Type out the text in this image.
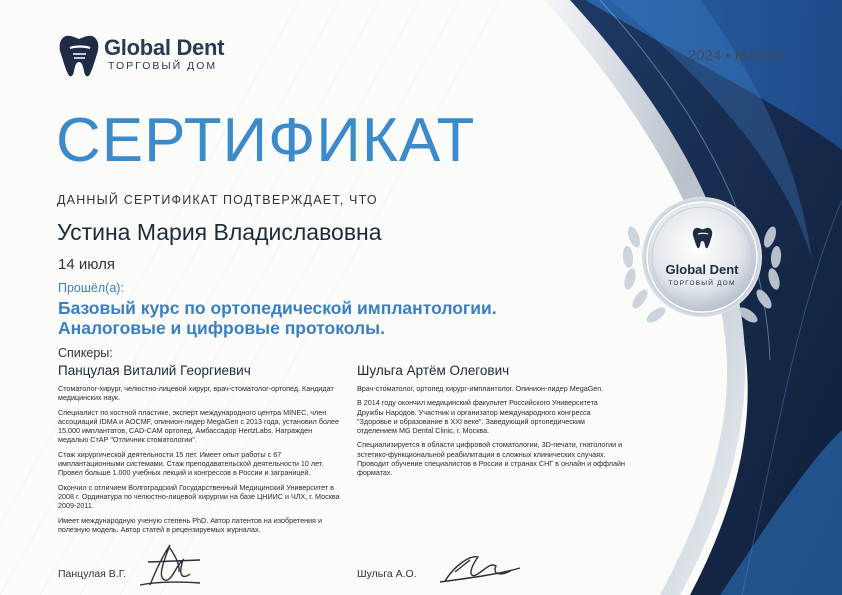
Global Dent
ТОРГОВЫЙ ДОМ
Global Dent
ТОРГОВЫЙ ДОМ
2024 • Москва
СЕРТИФИКАТ
ДАННЫЙ СЕРТИФИКАТ ПОДТВЕРЖДАЕТ, ЧТО
Устина Мария Владиславовна
14 июля
Прошёл(а):
Базовый курс по ортопедической имплантологии.
Аналоговые и цифровые протоколы.
Спикеры:
Панцулая Виталий Георгиевич	Шульга Артём Олегович

Стоматолог-хирург, челюстно-лицевой хирург, врач-стоматолог-ортопед. Кандидат медицинских наук.

Специалист по костной пластике, эксперт международного центра MINEC, член ассоциаций IDMA и AOCMF, опинион-лидер MegaGen с 2013 года, установил более 15.000 имплантатов, CAD-CAM ортопед. Амбассадор HertzLabs. Награжден медалью СтАР "Отличник стоматологии".

Стаж хирургической деятельности 15 лет. Имеет опыт работы с 67 имплантационными системами. Стаж преподавательской деятельности 10 лет. Провел больше 1.000 учебных лекций и конгрессов в России и заграницей.

Окончил с отличием Волгоградский Государственный Медицинский Университет в 2008 г. Ординатура по челюстно-лицевой хирургии на базе ЦНИИС и ЧЛХ, г. Москва 2009-2011.

Имеет международную ученую степень PhD. Автор патентов на изобретения и полезную модель. Автор статей в рецензируемых журналах.

Врач-стоматолог, ортопед хирург-имплантолог. Опинион-лидер MegaGen.

В 2014 году окончил медицинский факультет Российского Университета Дружбы Народов. Участник и организатор международного конгресса "Здоровье и образование в XXI веке". Заведующий ортопедическим отделением MG Dental Clinic, г. Москва.

Специализируется в области цифровой стоматологии, 3D-печати, гнатологии и эстетико-функциональной реабилитации в сложных клинических случаях. Проводит обучение специалистов в России и странах СНГ в онлайн и оффлайн форматах.

Панцулая В.Г.	Шульга А.О.
